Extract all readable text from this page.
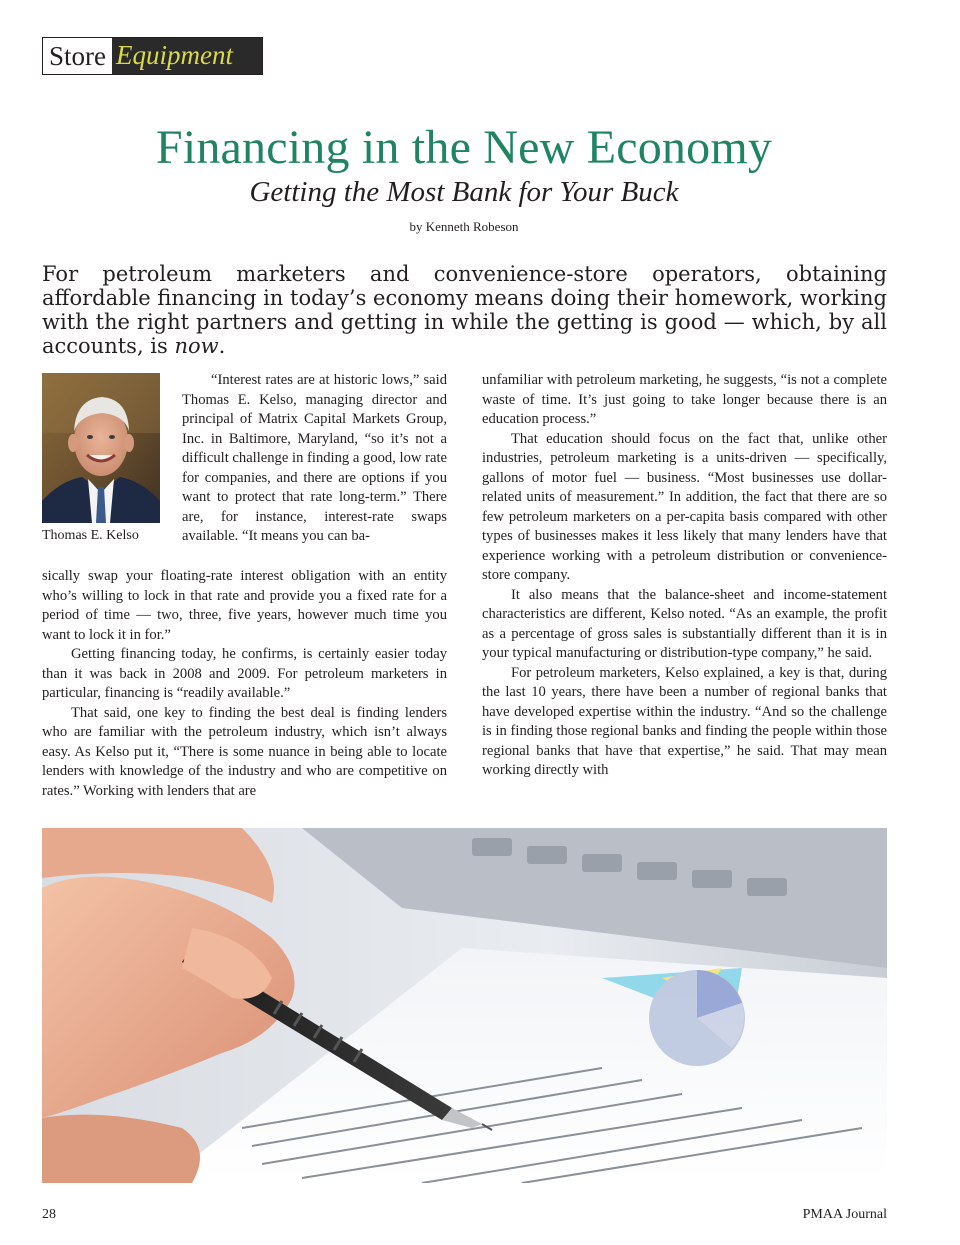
Store Equipment
Financing in the New Economy
Getting the Most Bank for Your Buck
by Kenneth Robeson
For petroleum marketers and convenience-store operators, obtaining affordable financing in today’s economy means doing their homework, working with the right partners and getting in while the getting is good — which, by all accounts, is now.
Thomas E. Kelso

“Interest rates are at historic lows,” said Thomas E. Kelso, managing director and principal of Matrix Capital Markets Group, Inc. in Baltimore, Maryland, “so it’s not a difficult challenge in finding a good, low rate for companies, and there are options if you want to protect that rate long-term.” There are, for instance, interest-rate swaps available. “It means you can ba-

sically swap your floating-rate interest obligation with an entity who’s willing to lock in that rate and provide you a fixed rate for a period of time — two, three, five years, however much time you want to lock it in for.”

Getting financing today, he confirms, is certainly easier today than it was back in 2008 and 2009. For petroleum marketers in particular, financing is “readily available.”

That said, one key to finding the best deal is finding lenders who are familiar with the petroleum industry, which isn’t always easy. As Kelso put it, “There is some nuance in being able to locate lenders with knowledge of the industry and who are competitive on rates.” Working with lenders that are

unfamiliar with petroleum marketing, he suggests, “is not a complete waste of time. It’s just going to take longer because there is an education process.”

That education should focus on the fact that, unlike other industries, petroleum marketing is a units-driven — specifically, gallons of motor fuel — business. “Most businesses use dollar-related units of measurement.” In addition, the fact that there are so few petroleum marketers on a per-capita basis compared with other types of businesses makes it less likely that many lenders have that experience working with a petroleum distribution or convenience-store company.

It also means that the balance-sheet and income-statement characteristics are different, Kelso noted. “As an example, the profit as a percentage of gross sales is substantially different than it is in your typical manufacturing or distribution-type company,” he said.

For petroleum marketers, Kelso explained, a key is that, during the last 10 years, there have been a number of regional banks that have developed expertise within the industry. “And so the challenge is in finding those regional banks and finding the people within those regional banks that have that expertise,” he said. That may mean working directly with

28	PMAA Journal
